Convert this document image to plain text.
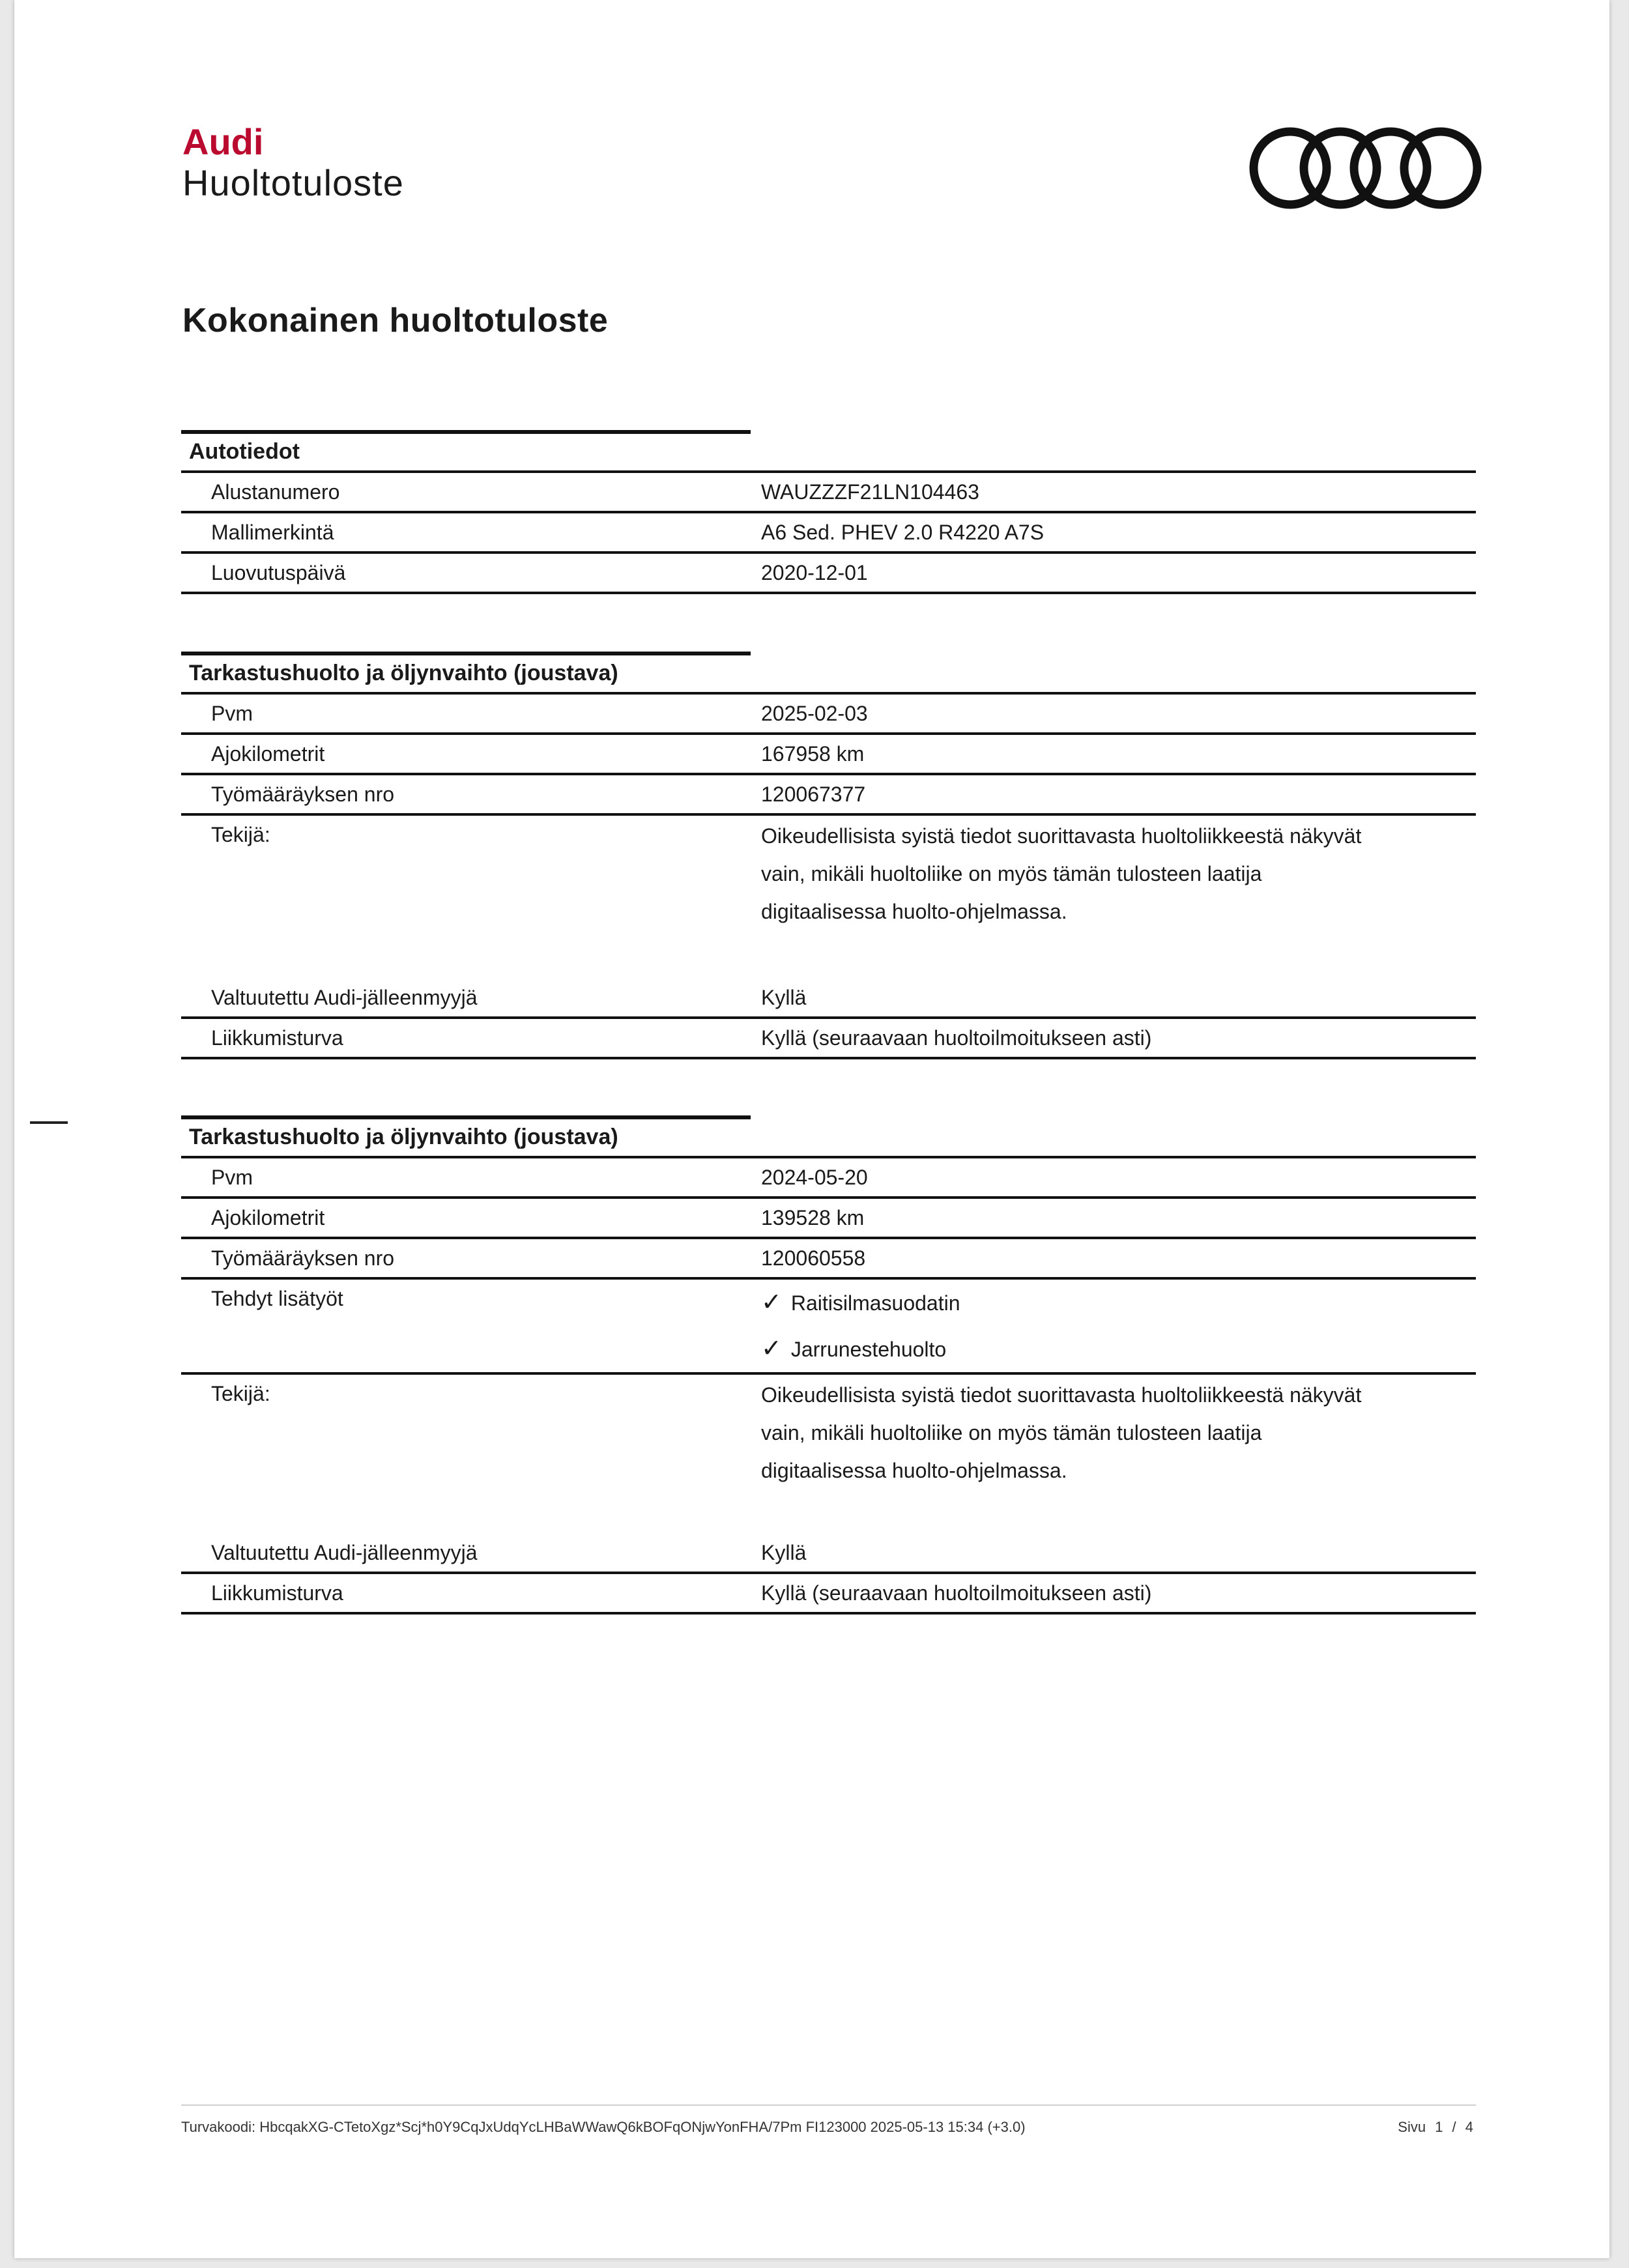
Audi
Huoltotuloste
Kokonainen huoltotuloste
Autotiedot
Alustanumero	WAUZZZF21LN104463
Mallimerkintä	A6 Sed. PHEV 2.0 R4220 A7S
Luovutuspäivä	2020-12-01
Tarkastushuolto ja öljynvaihto (joustava)
Pvm	2025-02-03
Ajokilometrit	167958 km
Työmääräyksen nro	120067377
Tekijä:	Oikeudellisista syistä tiedot suorittavasta huoltoliikkeestä näkyvät
vain, mikäli huoltoliike on myös tämän tulosteen laatija
digitaalisessa huolto-ohjelmassa.
Valtuutettu Audi-jälleenmyyjä	Kyllä
Liikkumisturva	Kyllä (seuraavaan huoltoilmoitukseen asti)
Tarkastushuolto ja öljynvaihto (joustava)
Pvm	2024-05-20
Ajokilometrit	139528 km
Työmääräyksen nro	120060558
Tehdyt lisätyöt	✓ Raitisilmasuodatin
✓ Jarrunestehuolto
Tekijä:	Oikeudellisista syistä tiedot suorittavasta huoltoliikkeestä näkyvät
vain, mikäli huoltoliike on myös tämän tulosteen laatija
digitaalisessa huolto-ohjelmassa.
Valtuutettu Audi-jälleenmyyjä	Kyllä
Liikkumisturva	Kyllä (seuraavaan huoltoilmoitukseen asti)
Turvakoodi: HbcqakXG-CTetoXgz*Scj*h0Y9CqJxUdqYcLHBaWWawQ6kBOFqONjwYonFHA/7Pm FI123000 2025-05-13 15:34 (+3.0)	Sivu 1 / 4
